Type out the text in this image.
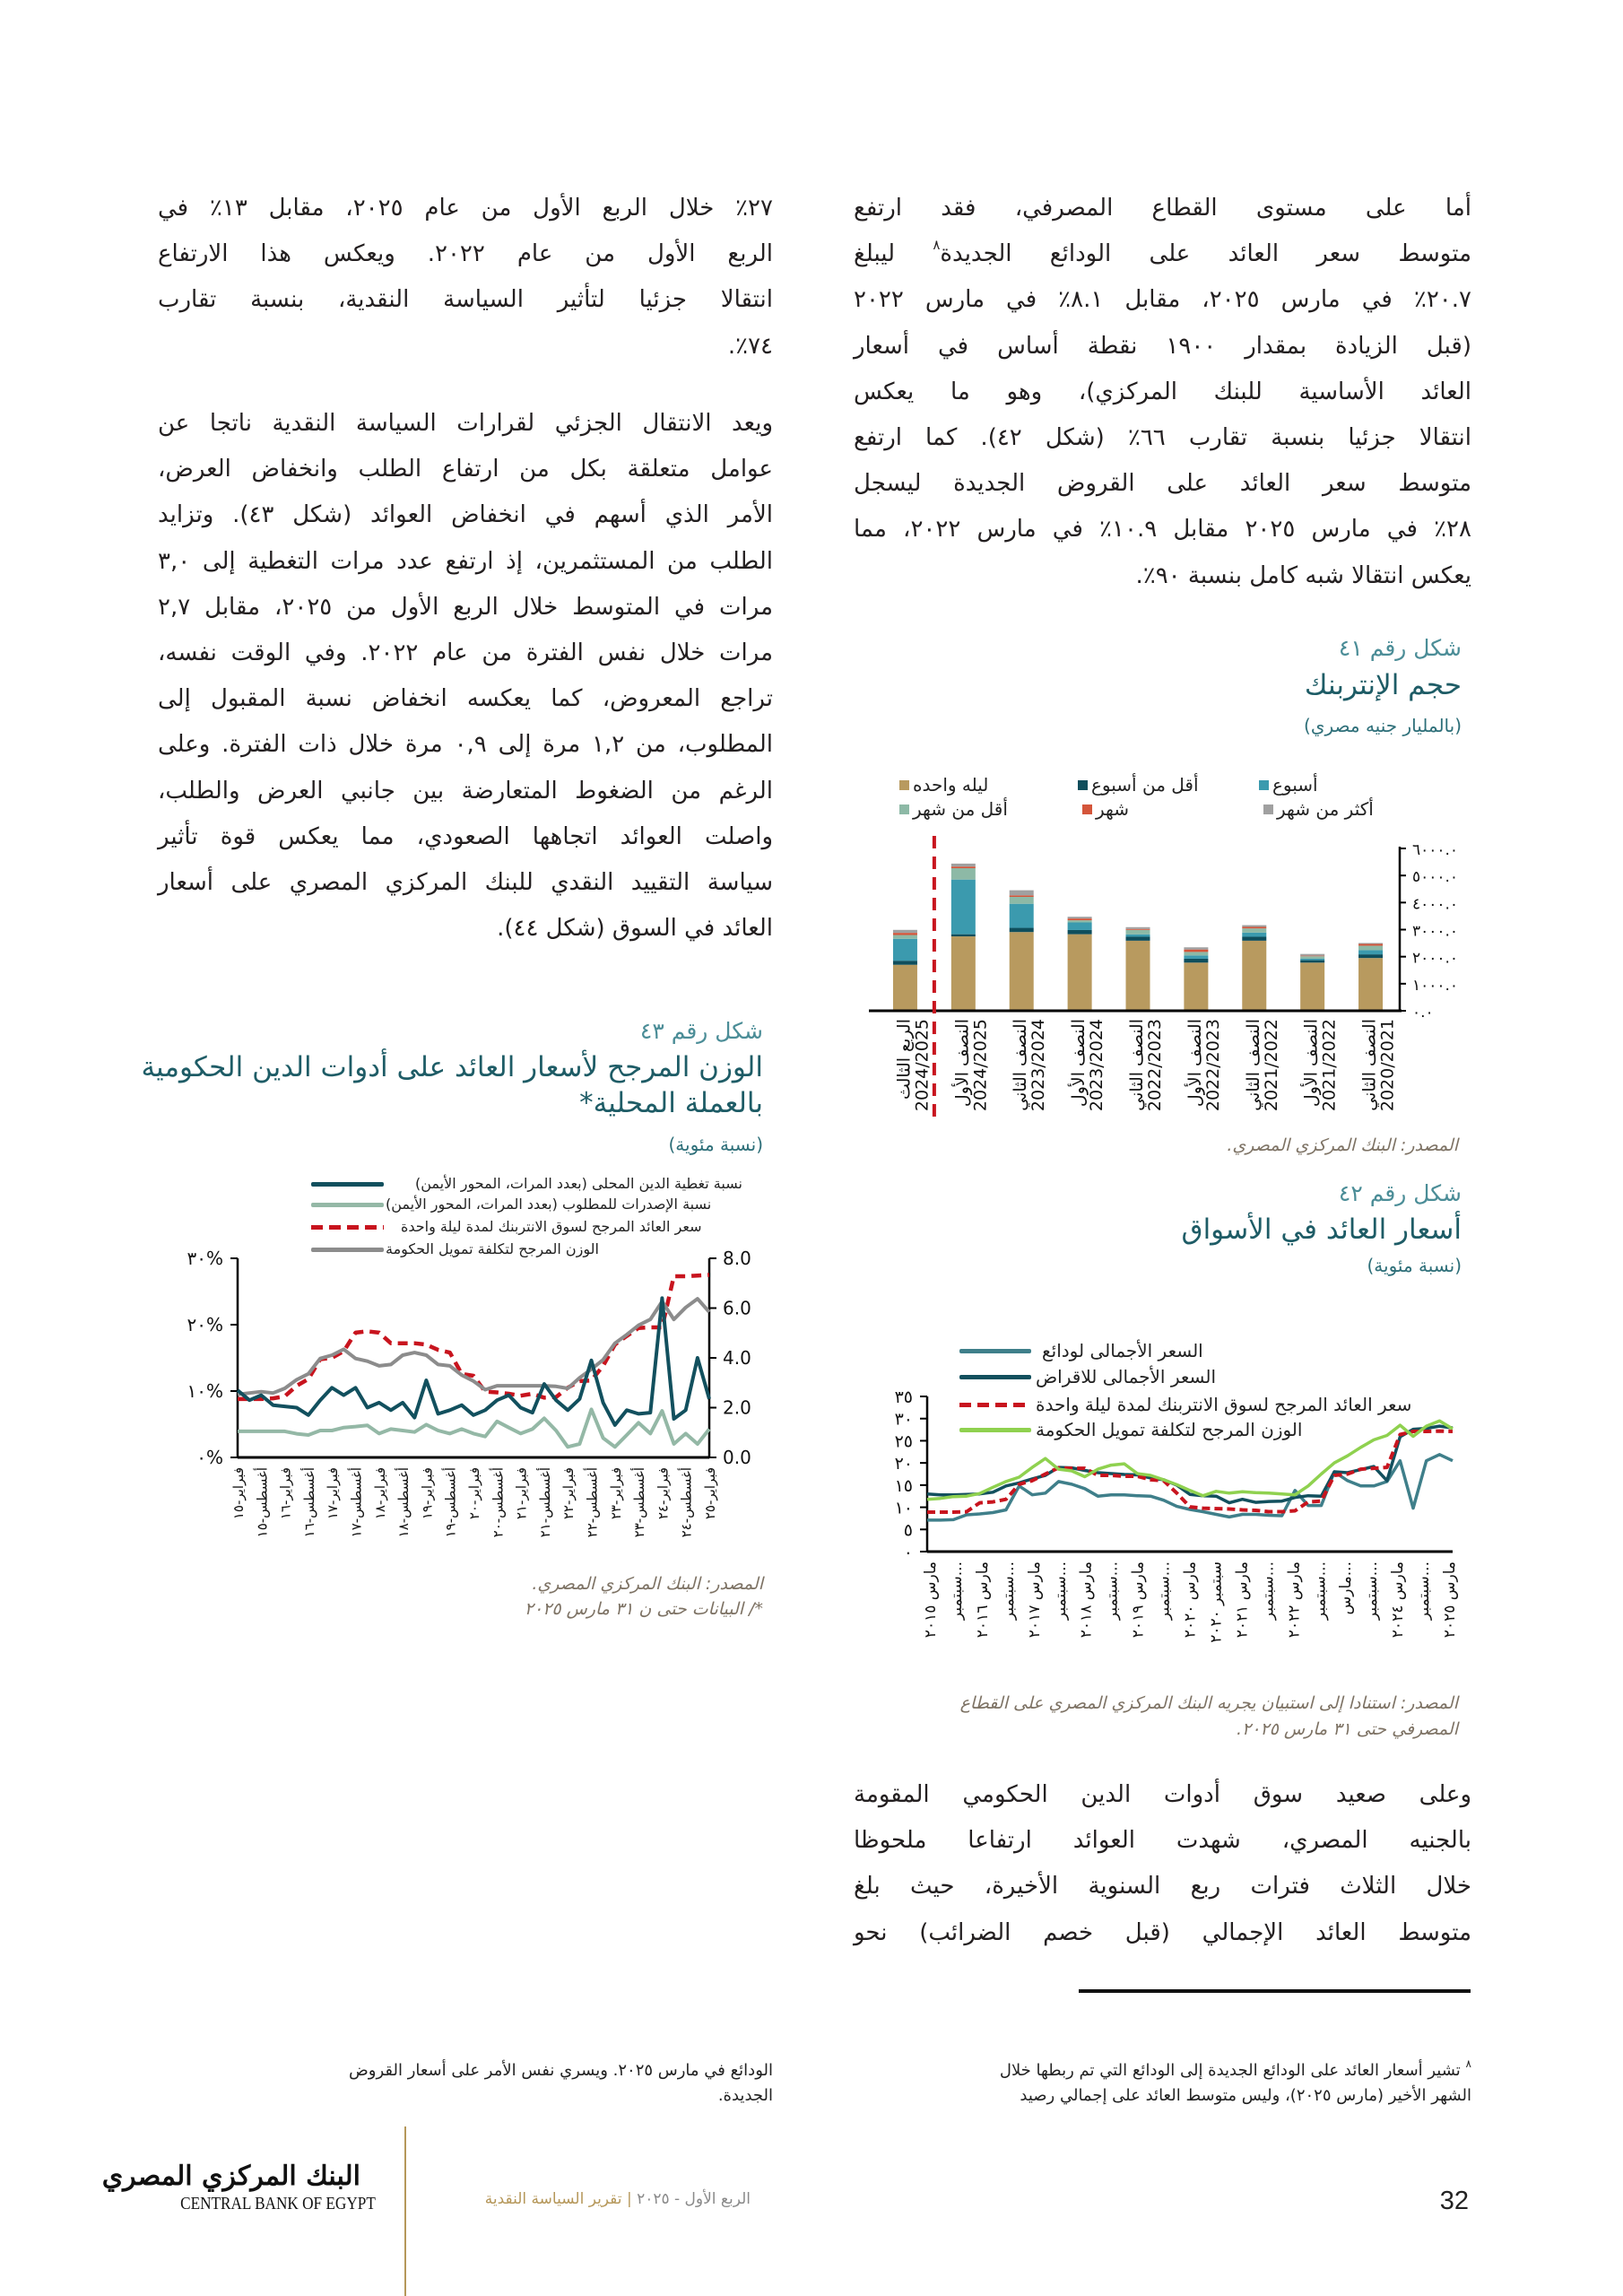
أما على مستوى القطاع المصرفي، فقد ارتفع
متوسط سعر العائد على الودائع الجديدة$^٨$ ليبلغ
٢٠.٧٪ في مارس ٢٠٢٥، مقابل ٨.١٪ في مارس ٢٠٢٢
(قبل الزيادة بمقدار ١٩٠٠ نقطة أساس في أسعار
العائد الأساسية للبنك المركزي)، وهو ما يعكس
انتقالا جزئيا بنسبة تقارب ٦٦٪ (شكل ٤٢). كما ارتفع
متوسط سعر العائد على القروض الجديدة ليسجل
٢٨٪ في مارس ٢٠٢٥ مقابل ١٠.٩٪ في مارس ٢٠٢٢، مما
يعكس انتقالا شبه كامل بنسبة ٩٠٪.
٢٧٪ خلال الربع الأول من عام ٢٠٢٥، مقابل ١٣٪ في
الربع الأول من عام ٢٠٢٢. ويعكس هذا الارتفاع
انتقالا جزئيا لتأثير السياسة النقدية، بنسبة تقارب
٧٤٪.
ويعد الانتقال الجزئي لقرارات السياسة النقدية ناتجا عن
عوامل متعلقة بكل من ارتفاع الطلب وانخفاض العرض،
الأمر الذي أسهم في انخفاض العوائد (شكل ٤٣). وتزايد
الطلب من المستثمرين، إذ ارتفع عدد مرات التغطية إلى ٣,٠
مرات في المتوسط خلال الربع الأول من ٢٠٢٥، مقابل ٢,٧
مرات خلال نفس الفترة من عام ٢٠٢٢. وفي الوقت نفسه،
تراجع المعروض، كما يعكسه انخفاض نسبة المقبول إلى
المطلوب، من ١,٢ مرة إلى ٠,٩ مرة خلال ذات الفترة. وعلى
الرغم من الضغوط المتعارضة بين جانبي العرض والطلب،
واصلت العوائد اتجاهها الصعودي، مما يعكس قوة تأثير
سياسة التقييد النقدي للبنك المركزي المصري على أسعار
العائد في السوق (شكل ٤٤).
شكل رقم ٤١
حجم الإنتربنك
(بالمليار جنيه مصري)
أسبوع
أقل من أسبوع
ليله واحده
أكثر من شهر
شهر
أقل من شهر
الربع الثالث
2024/2025 النصف الأول
2024/2025 النصف الثاني
2023/2024 النصف الأول
2023/2024 النصف الثاني
2022/2023 النصف الأول
2022/2023 النصف الثاني
2021/2022 النصف الأول
2021/2022 النصف الثاني
2020/2021
٠.٠
١٠٠٠.٠
٢٠٠٠.٠
٣٠٠٠.٠
٤٠٠٠.٠
٥٠٠٠.٠
٦٠٠٠.٠
المصدر: البنك المركزي المصري.
شكل رقم ٤٢
أسعار العائد في الأسواق
(نسبة مئوية)
٠
٥
١٠
١٥
٢٠
٢٥
٣٠
٣٥
مارس ٢٠١٥ سبتمبر...
مارس ٢٠١٦ سبتمبر...
مارس ٢٠١٧ سبتمبر...
مارس ٢٠١٨ سبتمبر...
مارس ٢٠١٩ سبتمبر...
مارس ٢٠٢٠
سبتمبر ٢٠٢٠
مارس ٢٠٢١ سبتمبر...
مارس ٢٠٢٢ سبتمبر...
مارس...
سبتمبر...
مارس ٢٠٢٤ سبتمبر...
مارس ٢٠٢٥
السعر الأجمالى لودائع
السعر الأجمالى للاقراض
سعر العائد المرجح لسوق الانتربنك لمدة ليلة واحدة
الوزن المرجح لتكلفة تمويل الحكومة
المصدر: استنادا إلى استبيان يجريه البنك المركزي المصري على القطاع
المصرفي حتى ٣١ مارس ٢٠٢٥.
شكل رقم ٤٣
الوزن المرجح لأسعار العائد على أدوات الدين الحكومية
بالعملة المحلية*
(نسبة مئوية)
نسبة تغطية الدين المحلى (بعدد المرات، المحور الأيمن)
نسبة الإصدرات للمطلوب (بعدد المرات، المحور الأيمن)
سعر العائد المرجح لسوق الانتربنك لمدة ليلة واحدة
الوزن المرجح لتكلفة تمويل الحكومة
٠%
١٠%
٢٠%
٣٠%
0.0
2.0
4.0
6.0
8.0
فبراير-١٥
أغسطس-١٥ فبراير-١٦
أغسطس-١٦ فبراير-١٧
أغسطس-١٧ فبراير-١٨
أغسطس-١٨ فبراير-١٩
أغسطس-١٩ فبراير-٢٠
أغسطس-٢٠ فبراير-٢١
أغسطس-٢١ فبراير-٢٢
أغسطس-٢٢ فبراير-٢٣
أغسطس-٢٣ فبراير-٢٤
أغسطس-٢٤ فبراير-٢٥
المصدر: البنك المركزي المصري.
*/ البيانات حتى ن ٣١ مارس ٢٠٢٥
وعلى صعيد سوق أدوات الدين الحكومي المقومة
بالجنيه المصري، شهدت العوائد ارتفاعا ملحوظا
خلال الثلاث فترات ربع السنوية الأخيرة، حيث بلغ
متوسط العائد الإجمالي (قبل خصم الضرائب) نحو
$^٨$ تشير أسعار العائد على الودائع الجديدة إلى الودائع التي تم ربطها خلال
الشهر الأخير (مارس ٢٠٢٥)، وليس متوسط العائد على إجمالي رصيد
الودائع في مارس ٢٠٢٥. ويسري نفس الأمر على أسعار القروض
الجديدة.
البنك المركزي المصري
CENTRAL BANK OF EGYPT	الربع الأول - ٢٠٢٥ | تقرير السياسة النقدية	32
